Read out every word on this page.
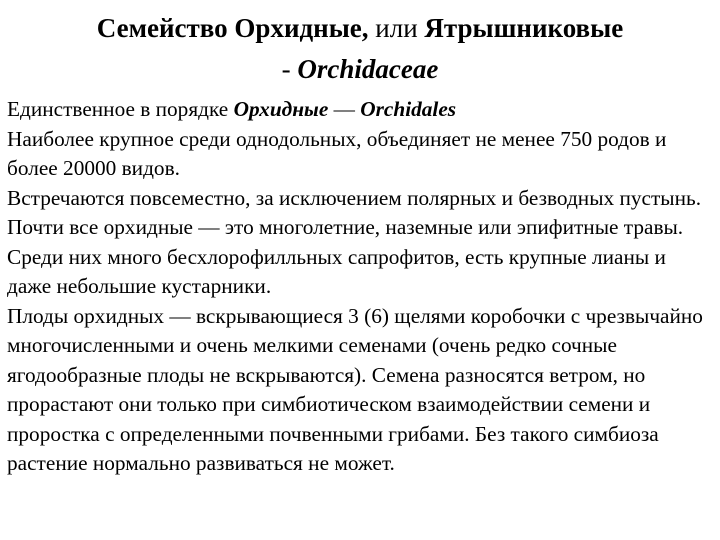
Семейство Орхидные, или Ятрышниковые
- Orchidaceae

Единственное в порядке Орхидные — Orchidales

Наиболее крупное среди однодольных, объединяет не менее 750 родов и более 20000 видов.

Встречаются повсеместно, за исключением полярных и безводных пустынь.

Почти все орхидные — это многолетние, наземные или эпифитные травы. Среди них много бесхлорофилльных сапрофитов, есть крупные лианы и даже небольшие кустарники.

Плоды орхидных — вскрывающиеся 3 (6) щелями коробочки с чрезвычайно многочисленными и очень мелкими семенами (очень редко сочные ягодообразные плоды не вскрываются). Семена разносятся ветром, но прорастают они только при симбиотическом взаимодействии семени и проростка с определенными почвенными грибами. Без такого симбиоза растение нормально развиваться не может.
